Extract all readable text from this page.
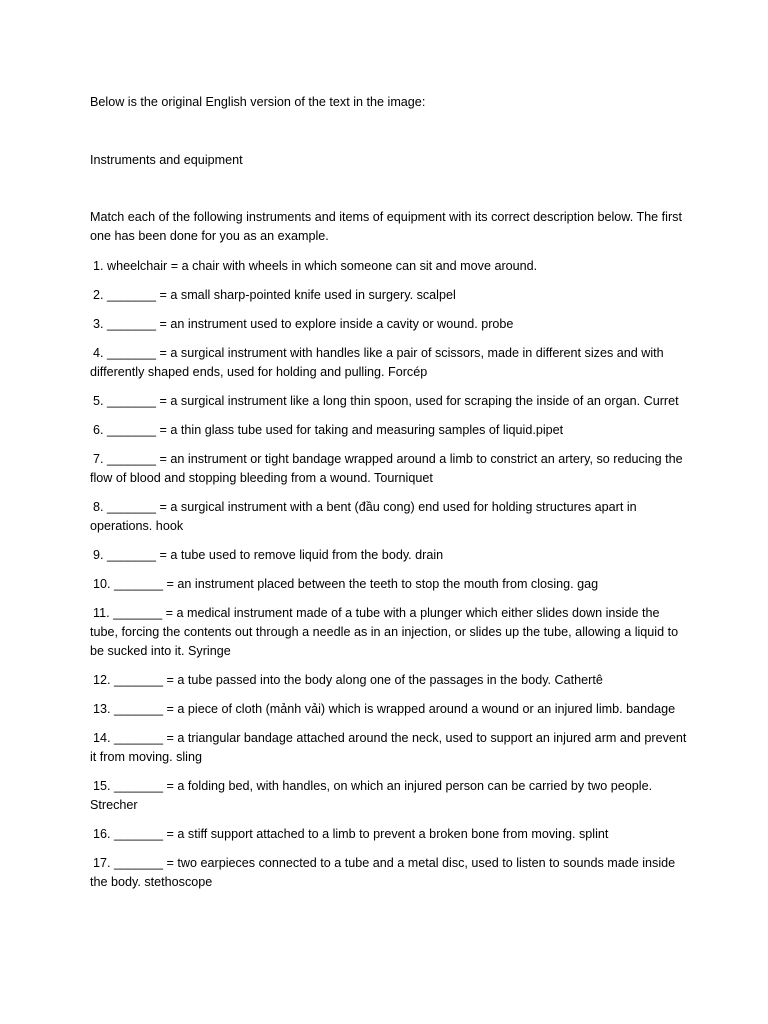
Below is the original English version of the text in the image:

Instruments and equipment

Match each of the following instruments and items of equipment with its correct description below. The first one has been done for you as an example.

1. wheelchair = a chair with wheels in which someone can sit and move around.
2. _______ = a small sharp-pointed knife used in surgery. scalpel
3. _______ = an instrument used to explore inside a cavity or wound. probe
4. _______ = a surgical instrument with handles like a pair of scissors, made in different sizes and with differently shaped ends, used for holding and pulling. Forcép
5. _______ = a surgical instrument like a long thin spoon, used for scraping the inside of an organ. Curret
6. _______ = a thin glass tube used for taking and measuring samples of liquid.pipet
7. _______ = an instrument or tight bandage wrapped around a limb to constrict an artery, so reducing the flow of blood and stopping bleeding from a wound. Tourniquet
8. _______ = a surgical instrument with a bent (đầu cong) end used for holding structures apart in operations. hook
9. _______ = a tube used to remove liquid from the body. drain
10. _______ = an instrument placed between the teeth to stop the mouth from closing. gag
11. _______ = a medical instrument made of a tube with a plunger which either slides down inside the tube, forcing the contents out through a needle as in an injection, or slides up the tube, allowing a liquid to be sucked into it. Syringe
12. _______ = a tube passed into the body along one of the passages in the body. Cathertê
13. _______ = a piece of cloth (mảnh vải) which is wrapped around a wound or an injured limb. bandage
14. _______ = a triangular bandage attached around the neck, used to support an injured arm and prevent it from moving. sling
15. _______ = a folding bed, with handles, on which an injured person can be carried by two people. Strecher
16. _______ = a stiff support attached to a limb to prevent a broken bone from moving. splint
17. _______ = two earpieces connected to a tube and a metal disc, used to listen to sounds made inside the body. stethoscope
